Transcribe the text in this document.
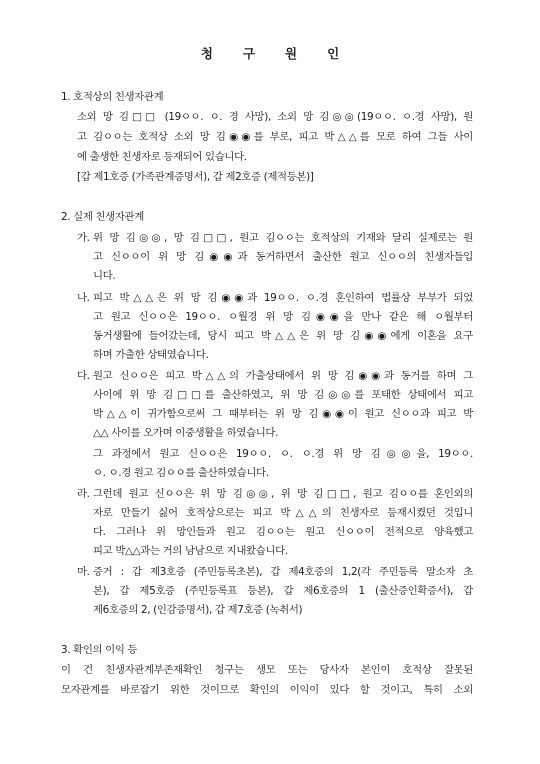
청 구 원 인
1. 호적상의 친생자관계
소외 망 김□□ (19ㅇㅇ. ㅇ. 경 사망), 소외 망 김◎◎(19ㅇㅇ. ㅇ.경 사망), 원
고 김ㅇㅇ는 호적상 소외 망 김◉◉를 부로, 피고 박△△를 모로 하여 그들 사이
에 출생한 친생자로 등재되어 있습니다.
[갑 제1호증 (가족관계증명서), 갑 제2호증 (제적등본)]
2. 실제 친생자관계
가. 위 망 김◎◎, 망 김□□, 원고 김ㅇㅇ는 호적상의 기재와 달리 실제로는 원
고 신ㅇㅇ이 위 망 김◉◉과 동거하면서 출산한 원고 신ㅇㅇ의 친생자들입
니다.
나. 피고 박△△은 위 망 김◉◉과 19ㅇㅇ. ㅇ.경 혼인하여 법률상 부부가 되었
고 원고 신ㅇㅇ은 19ㅇㅇ. ㅇ월경 위 망 김◉◉을 만나 같은 해 ㅇ월부터
동거생활에 들어갔는데, 당시 피고 박△△은 위 망 김◉◉에게 이혼을 요구
하며 가출한 상태였습니다.
다. 원고 신ㅇㅇ은 피고 박△△의 가출상태에서 위 망 김◉◉과 동거를 하며 그
사이에 위 망 김□□를 출산하였고, 위 망 김◎◎를 포태한 상태에서 피고
박△△이 귀가함으로써 그 때부터는 위 망 김◉◉이 원고 신ㅇㅇ과 피고 박
△△ 사이를 오가며 이중생활을 하였습니다.
그 과정에서 원고 신ㅇㅇ은 19ㅇㅇ. ㅇ. ㅇ.경 위 망 김◎◎을, 19ㅇㅇ.
ㅇ. ㅇ.경 원고 김ㅇㅇ를 출산하였습니다.
라. 그런데 원고 신ㅇㅇ은 위 망 김◎◎, 위 망 김□□, 원고 김ㅇㅇ를 혼인외의
자로 만들기 싫어 호적상으로는 피고 박△△의 친생자로 등재시켰던 것입니
다. 그러나 위 망인들과 원고 김ㅇㅇ는 원고 신ㅇㅇ이 전적으로 양육했고
피고 박△△과는 거의 남남으로 지내왔습니다.
마. 증거 : 갑 제3호증 (주민등록초본), 갑 제4호증의 1,2(각 주민등록 말소자 초
본), 갑 제5호증 (주민등록표 등본), 갑 제6호증의 1 (출산증인확증서), 갑
제6호증의 2, (인감증명서), 갑 제7호증 (녹취서)
3. 확인의 이익 등
이 건 친생자관계부존재확인 청구는 생모 또는 당사자 본인이 호적상 잘못된
모자관계를 바로잡기 위한 것이므로 확인의 이익이 있다 할 것이고, 특히 소외
